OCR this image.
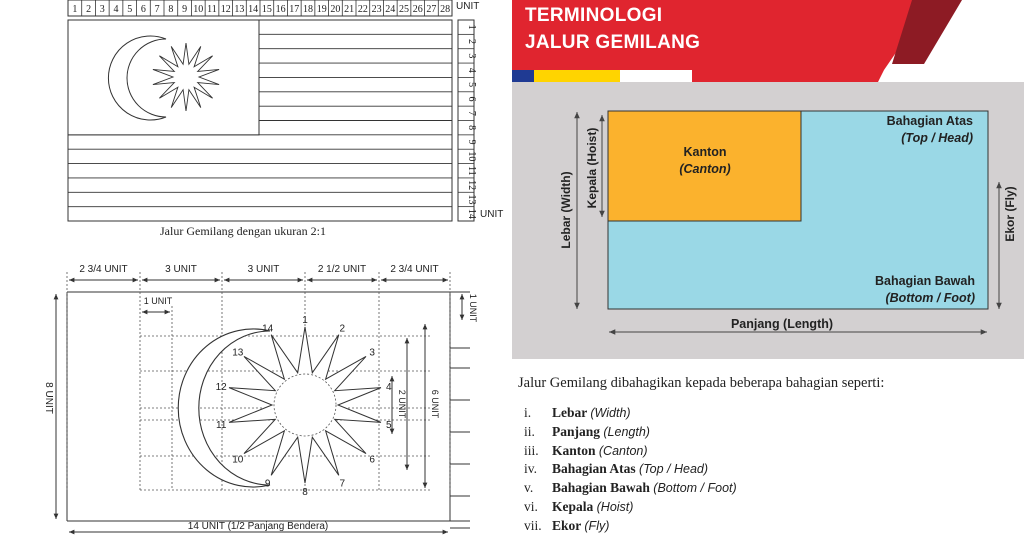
1 2 3 4 5 6 7 8 9 10 11 12 13 14 15 16 17 18 19 20 21 22 23 24 25 26 27 28 UNIT
1
2
3
4
5
6
7
8
9
10
11
12
13
14 UNIT
Jalur Gemilang dengan ukuran 2:1
2 3/4 UNIT	3 UNIT	3 UNIT	2 1/2 UNIT 2 3/4 UNIT
1 UNIT	1 UNIT
8 UNIT	6 UNIT
2 UNIT
1
2
3
4
5
6
7
8
9
10
11
12
13
14
14 UNIT (1/2 Panjang Bendera)
TERMINOLOGI
JALUR GEMILANG
Kanton
(Canton)
Bahagian Atas
(Top / Head)
Bahagian Bawah
(Bottom / Foot)
Panjang (Length)
Lebar (Width)
Kepala (Hoist)
Ekor (Fly)
Jalur Gemilang dibahagikan kepada beberapa bahagian seperti:
i. Lebar (Width)
ii. Panjang (Length)
iii. Kanton (Canton)
iv. Bahagian Atas (Top / Head)
v. Bahagian Bawah (Bottom / Foot)
vi. Kepala (Hoist)
vii. Ekor (Fly)
